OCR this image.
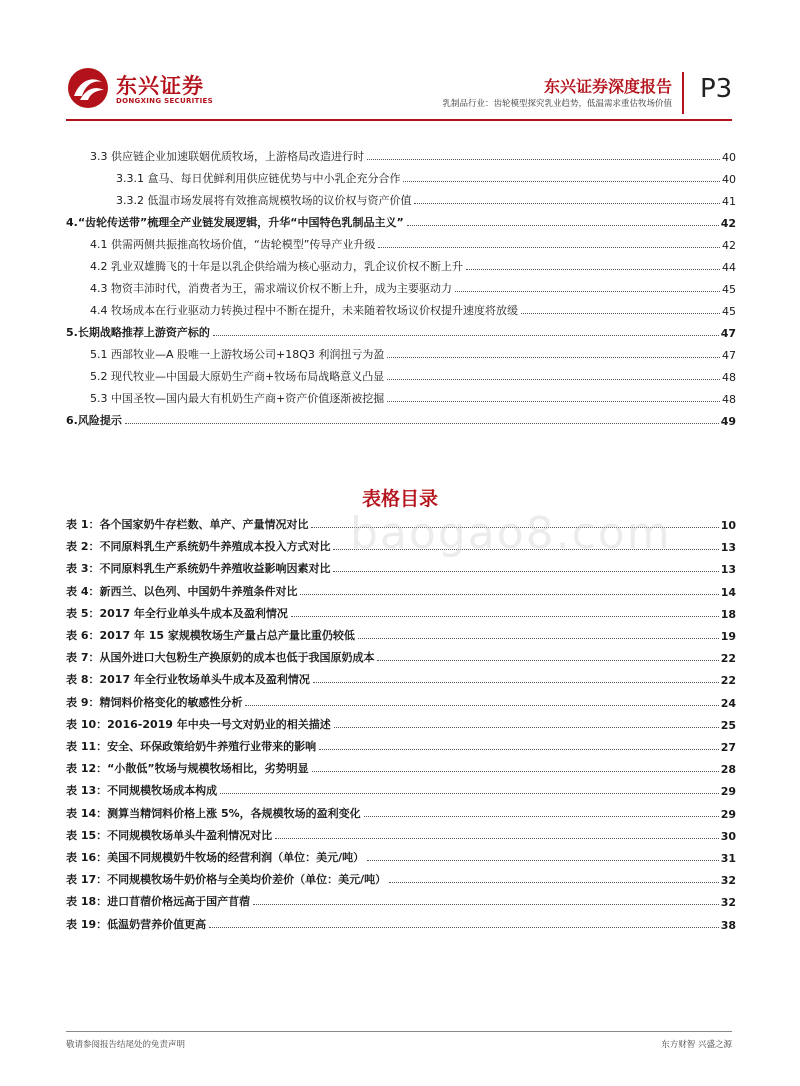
东兴证券
DONGXING SECURITIES
东兴证券深度报告
乳制品行业：齿轮模型探究乳业趋势，低温需求重估牧场价值 P3
3.3 供应链企业加速联姻优质牧场，上游格局改造进行时	40
3.3.1 盒马、每日优鲜利用供应链优势与中小乳企充分合作	40
3.3.2 低温市场发展将有效推高规模牧场的议价权与资产价值	41
4.“齿轮传送带”梳理全产业链发展逻辑，升华“中国特色乳制品主义”	42
4.1 供需两侧共振推高牧场价值，“齿轮模型”传导产业升级	42
4.2 乳业双雄腾飞的十年是以乳企供给端为核心驱动力，乳企议价权不断上升	44
4.3 物资丰沛时代，消费者为王，需求端议价权不断上升，成为主要驱动力	45
4.4 牧场成本在行业驱动力转换过程中不断在提升，未来随着牧场议价权提升速度将放缓	45
5.长期战略推荐上游资产标的	47
5.1 西部牧业—A 股唯一上游牧场公司+18Q3 利润扭亏为盈	47
5.2 现代牧业—中国最大原奶生产商+牧场布局战略意义凸显	48
5.3 中国圣牧—国内最大有机奶生产商+资产价值逐渐被挖掘	48
6.风险提示	49
表格目录
表 1：各个国家奶牛存栏数、单产、产量情况对比	10
表 2：不同原料乳生产系统奶牛养殖成本投入方式对比	13
表 3：不同原料乳生产系统奶牛养殖收益影响因素对比	13
表 4：新西兰、以色列、中国奶牛养殖条件对比	14
表 5：2017 年全行业单头牛成本及盈利情况	18
表 6：2017 年 15 家规模牧场生产量占总产量比重仍较低	19
表 7：从国外进口大包粉生产换原奶的成本也低于我国原奶成本	22
表 8：2017 年全行业牧场单头牛成本及盈利情况	22
表 9：精饲料价格变化的敏感性分析	24
表 10：2016-2019 年中央一号文对奶业的相关描述	25
表 11：安全、环保政策给奶牛养殖行业带来的影响	27
表 12：“小散低”牧场与规模牧场相比，劣势明显	28
表 13：不同规模牧场成本构成	29
表 14：测算当精饲料价格上涨 5%，各规模牧场的盈利变化	29
表 15：不同规模牧场单头牛盈利情况对比	30
表 16：美国不同规模奶牛牧场的经营利润（单位：美元/吨）	31
表 17：不同规模牧场牛奶价格与全美均价差价（单位：美元/吨）	32
表 18：进口苜蓿价格远高于国产苜蓿	32
表 19：低温奶营养价值更高	38
baogao8.com
敬请参阅报告结尾处的免责声明	东方财智 兴盛之源
